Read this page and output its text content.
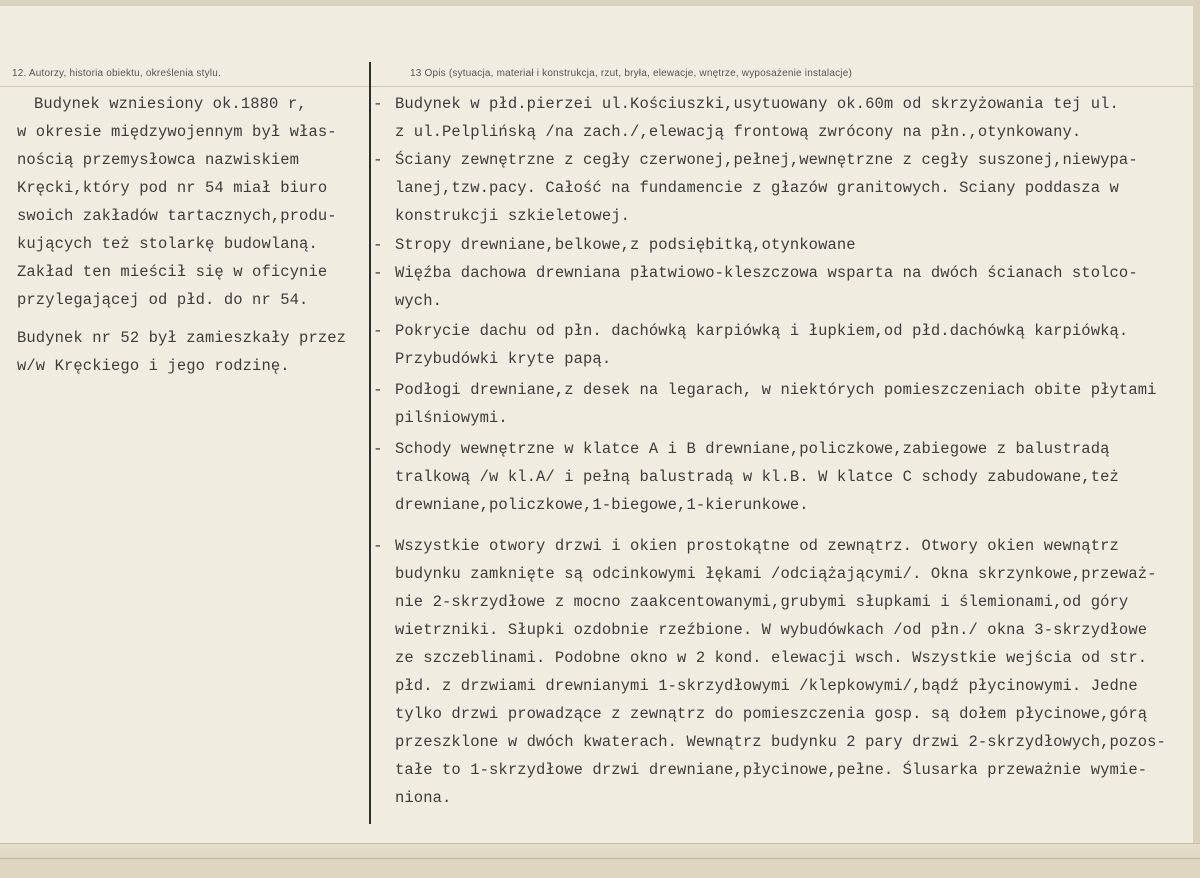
12. Autorzy, historia obiektu, określenia stylu.	13 Opis (sytuacja, materiał i konstrukcja, rzut, bryła, elewacje, wnętrze, wyposażenie instalacje)
Budynek wzniesiony ok.1880 r,
w okresie międzywojennym był włas-
nością przemysłowca nazwiskiem
Kręcki,który pod nr 54 miał biuro
swoich zakładów tartacznych,produ-
kujących też stolarkę budowlaną.
Zakład ten mieścił się w oficynie
przylegającej od płd. do nr 54.
Budynek nr 52 był zamieszkały przez
w/w Kręckiego i jego rodzinę.
-
-
-
-
-
-
-
-
Budynek w płd.pierzei ul.Kościuszki,usytuowany ok.60m od skrzyżowania tej ul.
z ul.Pelplińską /na zach./,elewacją frontową zwrócony na płn.,otynkowany.
Ściany zewnętrzne z cegły czerwonej,pełnej,wewnętrzne z cegły suszonej,niewypa-
lanej,tzw.pacy. Całość na fundamencie z głazów granitowych. Sciany poddasza w
konstrukcji szkieletowej.
Stropy drewniane,belkowe,z podsiębitką,otynkowane
Więźba dachowa drewniana płatwiowo-kleszczowa wsparta na dwóch ścianach stolco-
wych.
Pokrycie dachu od płn. dachówką karpiówką i łupkiem,od płd.dachówką karpiówką.
Przybudówki kryte papą.
Podłogi drewniane,z desek na legarach, w niektórych pomieszczeniach obite płytami
pilśniowymi.
Schody wewnętrzne w klatce A i B drewniane,policzkowe,zabiegowe z balustradą
tralkową /w kl.A/ i pełną balustradą w kl.B. W klatce C schody zabudowane,też
drewniane,policzkowe,1-biegowe,1-kierunkowe.
Wszystkie otwory drzwi i okien prostokątne od zewnątrz. Otwory okien wewnątrz
budynku zamknięte są odcinkowymi łękami /odciążającymi/. Okna skrzynkowe,przeważ-
nie 2-skrzydłowe z mocno zaakcentowanymi,grubymi słupkami i ślemionami,od góry
wietrzniki. Słupki ozdobnie rzeźbione. W wybudówkach /od płn./ okna 3-skrzydłowe
ze szczeblinami. Podobne okno w 2 kond. elewacji wsch. Wszystkie wejścia od str.
płd. z drzwiami drewnianymi 1-skrzydłowymi /klepkowymi/,bądź płycinowymi. Jedne
tylko drzwi prowadzące z zewnątrz do pomieszczenia gosp. są dołem płycinowe,górą
przeszklone w dwóch kwaterach. Wewnątrz budynku 2 pary drzwi 2-skrzydłowych,pozos-
tałe to 1-skrzydłowe drzwi drewniane,płycinowe,pełne. Ślusarka przeważnie wymie-
niona.
